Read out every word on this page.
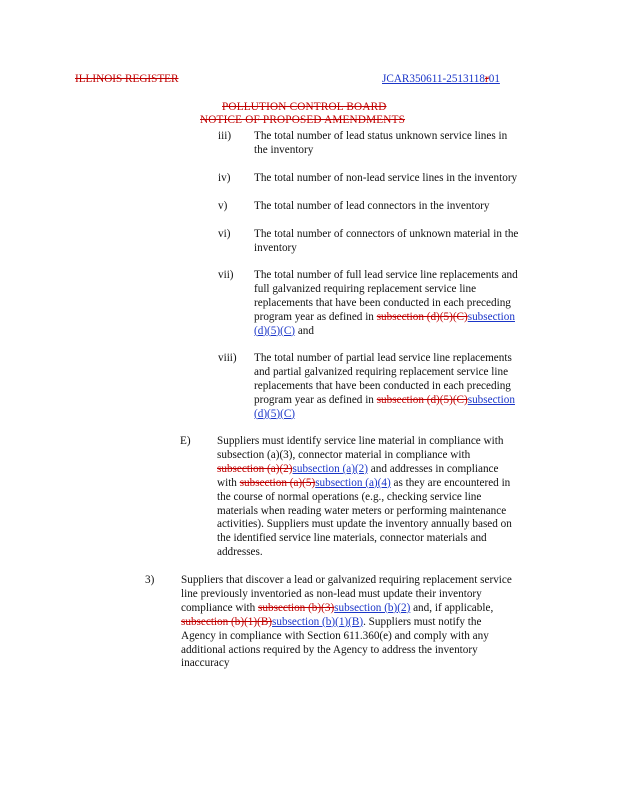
ILLINOIS REGISTER	JCAR350611-2513118r01
POLLUTION CONTROL BOARD
NOTICE OF PROPOSED AMENDMENTS
iii)	The total number of lead status unknown service lines in
the inventory
iv)	The total number of non-lead service lines in the inventory
v)	The total number of lead connectors in the inventory
vi)	The total number of connectors of unknown material in the
inventory
vii)	The total number of full lead service line replacements and
full galvanized requiring replacement service line
replacements that have been conducted in each preceding
program year as defined in subsection (d)(5)(C)subsection
(d)(5)(C) and
viii)	The total number of partial lead service line replacements
and partial galvanized requiring replacement service line
replacements that have been conducted in each preceding
program year as defined in subsection (d)(5)(C)subsection
(d)(5)(C)
E)	Suppliers must identify service line material in compliance with
subsection (a)(3), connector material in compliance with
subsection (a)(2)subsection (a)(2) and addresses in compliance
with subsection (a)(5)subsection (a)(4) as they are encountered in
the course of normal operations (e.g., checking service line
materials when reading water meters or performing maintenance
activities). Suppliers must update the inventory annually based on
the identified service line materials, connector materials and
addresses.
3)	Suppliers that discover a lead or galvanized requiring replacement service
line previously inventoried as non-lead must update their inventory
compliance with subsection (b)(3)subsection (b)(2) and, if applicable,
subsection (b)(1)(B)subsection (b)(1)(B). Suppliers must notify the
Agency in compliance with Section 611.360(e) and comply with any
additional actions required by the Agency to address the inventory
inaccuracy
